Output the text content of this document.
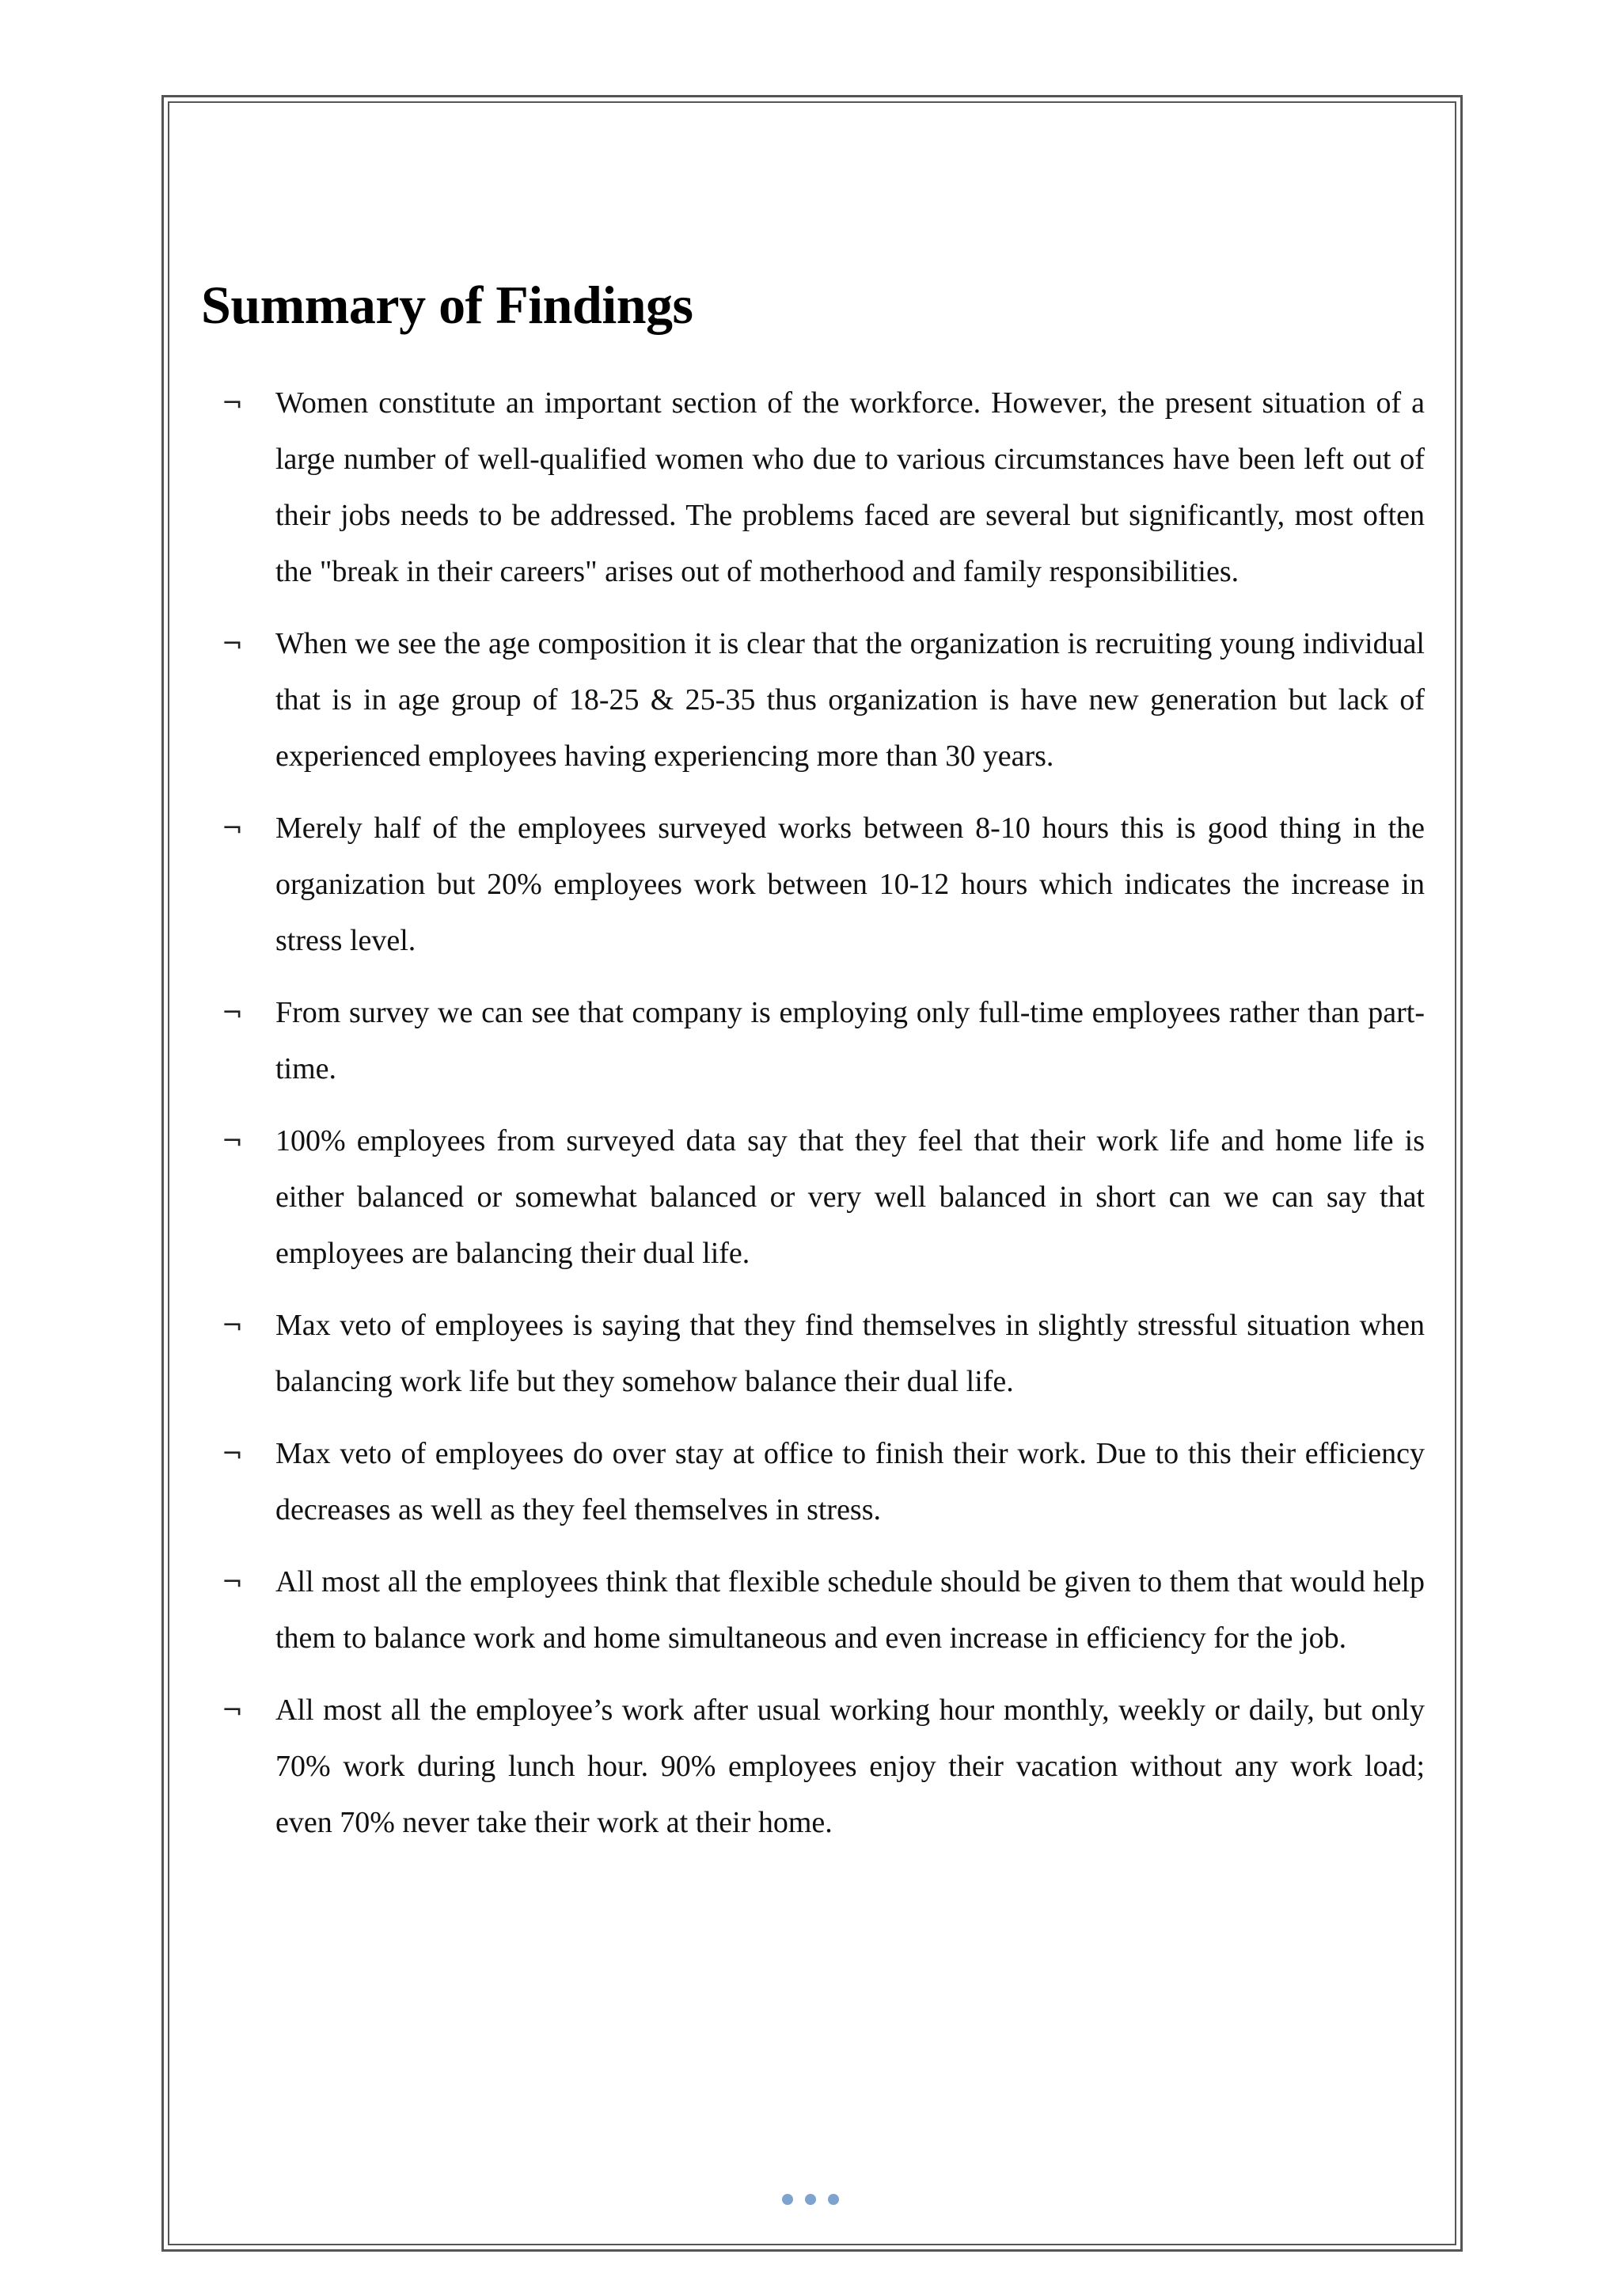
Summary of Findings
¬	Women constitute an important section of the workforce. However, the present situation of a large number of well-qualified women who due to various circumstances have been left out of their jobs needs to be addressed. The problems faced are several but significantly, most often the "break in their careers" arises out of motherhood and family responsibilities.
¬	When we see the age composition it is clear that the organization is recruiting young individual that is in age group of 18-25 & 25-35 thus organization is have new generation but lack of experienced employees having experiencing more than 30 years.
¬	Merely half of the employees surveyed works between 8-10 hours this is good thing in the organization but 20% employees work between 10-12 hours which indicates the increase in stress level.
¬	From survey we can see that company is employing only full-time employees rather than part-time.
¬	100% employees from surveyed data say that they feel that their work life and home life is either balanced or somewhat balanced or very well balanced in short can we can say that employees are balancing their dual life.
¬	Max veto of employees is saying that they find themselves in slightly stressful situation when balancing work life but they somehow balance their dual life.
¬	Max veto of employees do over stay at office to finish their work. Due to this their efficiency decreases as well as they feel themselves in stress.
¬	All most all the employees think that flexible schedule should be given to them that would help them to balance work and home simultaneous and even increase in efficiency for the job.
¬	All most all the employee’s work after usual working hour monthly, weekly or daily, but only 70% work during lunch hour. 90% employees enjoy their vacation without any work load; even 70% never take their work at their home.
